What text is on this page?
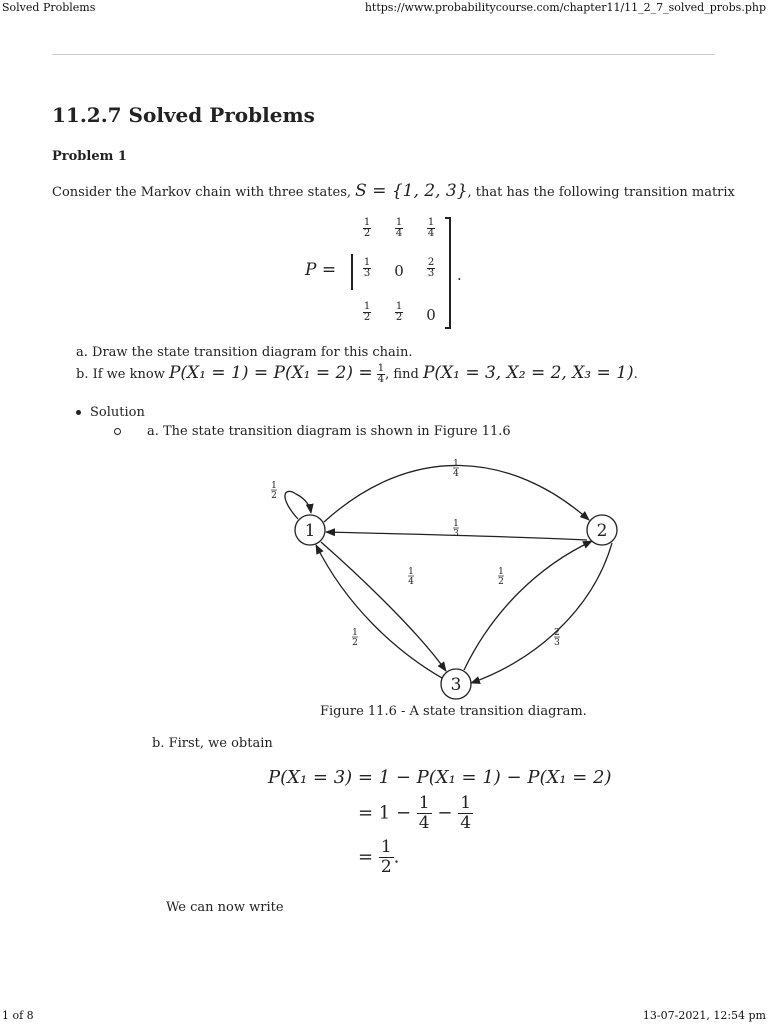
Solved Problems	https://www.probabilitycourse.com/chapter11/11_2_7_solved_probs.php
11.2.7 Solved Problems
Problem 1
Consider the Markov chain with three states, S = {1, 2, 3}, that has the following transition matrix
P =	.
$\frac{1}{2} \frac{1}{4} \frac{1}{4}$
$\frac{1}{3}$	0	$\frac{2}{3}$
$\frac{1}{2} \frac{1}{2}$	0
a. Draw the state transition diagram for this chain.
b. If we know $P(X_1 = 1) = P(X_1 = 2) = \frac{1}{4}$ , find P(X₁ = 3, X₂ = 2, X₃ = 1).
Solution
a. The state transition diagram is shown in Figure 11.6
1	2
3
1
2
1
4
1
3
1
4
1
2
1
2
2
3
Figure 11.6 - A state transition diagram.
b. First, we obtain
P(X₁ = 3) = 1 − P(X₁ = 1) − P(X₁ = 2)
= $1 - \frac{1}{4} - \frac{1}{4}$
= $\frac{1}{2}$ .
We can now write
1 of 8	13-07-2021, 12:54 pm
